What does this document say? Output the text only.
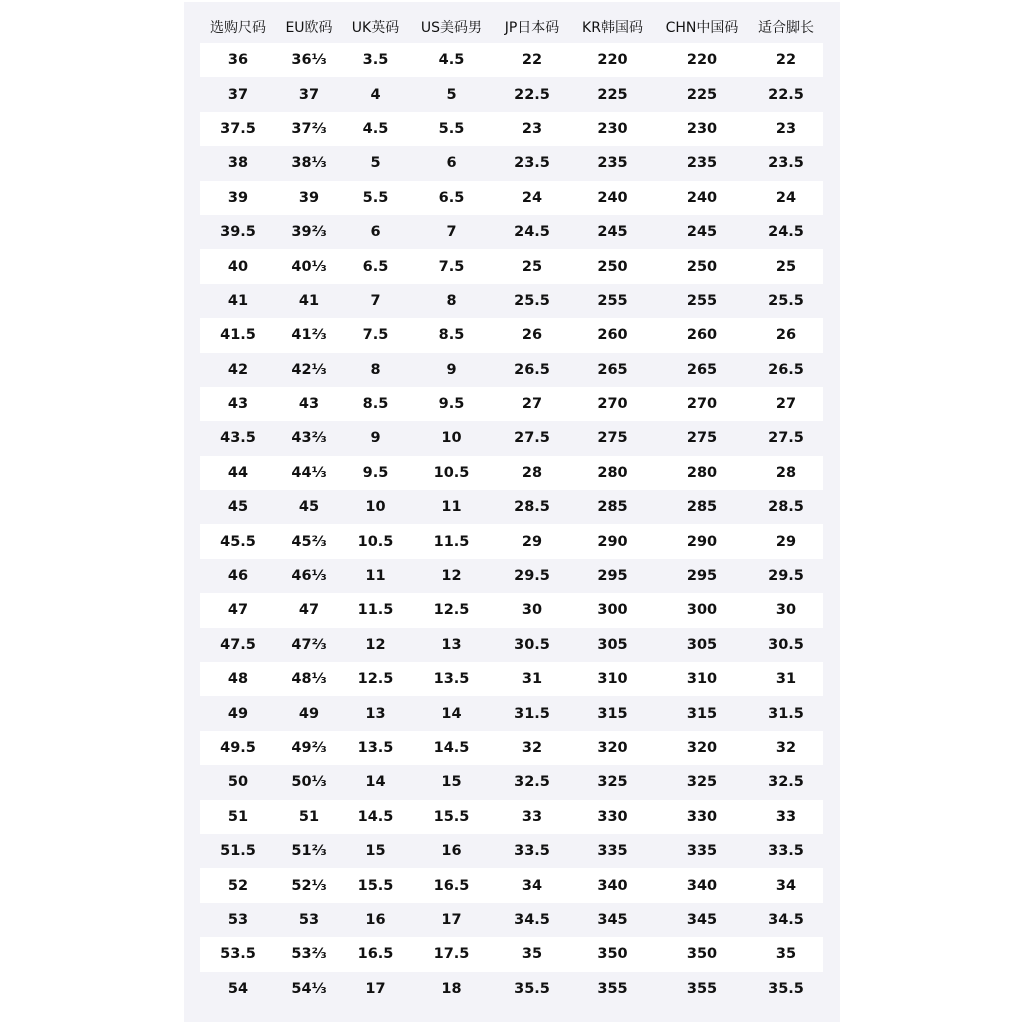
选购尺码	EU欧码	UK英码	US美码男	JP日本码	KR韩国码	CHN中国码	适合脚长
36	36⅓	3.5	4.5	22	220	220	22
37	37	4	5	22.5	225	225	22.5
37.5	37⅔	4.5	5.5	23	230	230	23
38	38⅓	5	6	23.5	235	235	23.5
39	39	5.5	6.5	24	240	240	24
39.5	39⅔	6	7	24.5	245	245	24.5
40	40⅓	6.5	7.5	25	250	250	25
41	41	7	8	25.5	255	255	25.5
41.5	41⅔	7.5	8.5	26	260	260	26
42	42⅓	8	9	26.5	265	265	26.5
43	43	8.5	9.5	27	270	270	27
43.5	43⅔	9	10	27.5	275	275	27.5
44	44⅓	9.5	10.5	28	280	280	28
45	45	10	11	28.5	285	285	28.5
45.5	45⅔	10.5	11.5	29	290	290	29
46	46⅓	11	12	29.5	295	295	29.5
47	47	11.5	12.5	30	300	300	30
47.5	47⅔	12	13	30.5	305	305	30.5
48	48⅓	12.5	13.5	31	310	310	31
49	49	13	14	31.5	315	315	31.5
49.5	49⅔	13.5	14.5	32	320	320	32
50	50⅓	14	15	32.5	325	325	32.5
51	51	14.5	15.5	33	330	330	33
51.5	51⅔	15	16	33.5	335	335	33.5
52	52⅓	15.5	16.5	34	340	340	34
53	53	16	17	34.5	345	345	34.5
53.5	53⅔	16.5	17.5	35	350	350	35
54	54⅓	17	18	35.5	355	355	35.5
